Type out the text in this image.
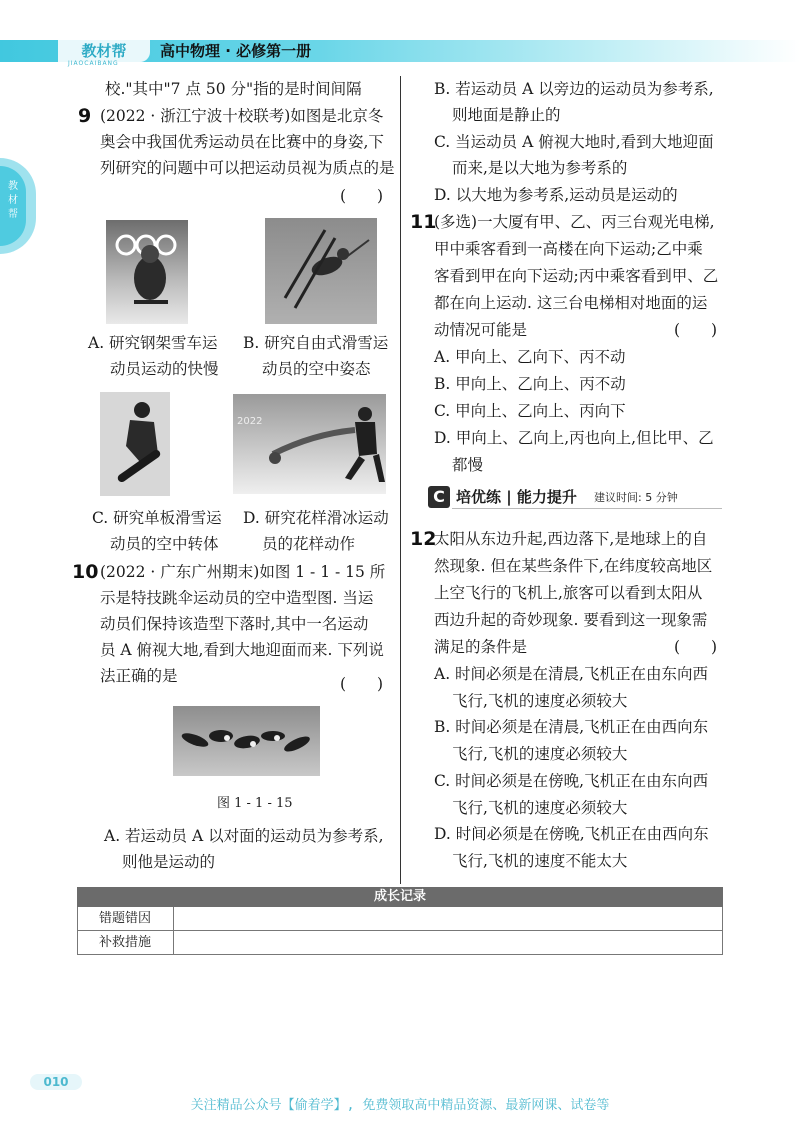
教材帮
JIAOCAIBANG
高中物理 · 必修第一册
教材帮
校."其中"7 点 50 分"指的是时间间隔
9 (2022 · 浙江宁波十校联考)如图是北京冬
奥会中我国优秀运动员在比赛中的身姿,下
列研究的问题中可以把运动员视为质点的是
(　　)
A. 研究钢架雪车运
动员运动的快慢
B. 研究自由式滑雪运
动员的空中姿态
2022
C. 研究单板滑雪运
动员的空中转体
D. 研究花样滑冰运动
员的花样动作
10 (2022 · 广东广州期末)如图 1 - 1 - 15 所
示是特技跳伞运动员的空中造型图. 当运
动员们保持该造型下落时,其中一名运动
员 A 俯视大地,看到大地迎面而来. 下列说
法正确的是	(　　)
图 1 - 1 - 15
A. 若运动员 A 以对面的运动员为参考系,
则他是运动的
B. 若运动员 A 以旁边的运动员为参考系,
则地面是静止的
C. 当运动员 A 俯视大地时,看到大地迎面
而来,是以大地为参考系的
D. 以大地为参考系,运动员是运动的
11
(多选)一大厦有甲、乙、丙三台观光电梯,
甲中乘客看到一高楼在向下运动;乙中乘
客看到甲在向下运动;丙中乘客看到甲、乙
都在向上运动. 这三台电梯相对地面的运
动情况可能是	(　　)
A. 甲向上、乙向下、丙不动
B. 甲向上、乙向上、丙不动
C. 甲向上、乙向上、丙向下
D. 甲向上、乙向上,丙也向上,但比甲、乙
都慢
C 培优练 | 能力提升 建议时间: 5 分钟
12
太阳从东边升起,西边落下,是地球上的自
然现象. 但在某些条件下,在纬度较高地区
上空飞行的飞机上,旅客可以看到太阳从
西边升起的奇妙现象. 要看到这一现象需
满足的条件是	(　　)
A. 时间必须是在清晨,飞机正在由东向西
飞行,飞机的速度必须较大
B. 时间必须是在清晨,飞机正在由西向东
飞行,飞机的速度必须较大
C. 时间必须是在傍晚,飞机正在由东向西
飞行,飞机的速度必须较大
D. 时间必须是在傍晚,飞机正在由西向东
飞行,飞机的速度不能太大
成长记录
错题错因
补救措施
010
关注精品公众号【偷着学】, 免费领取高中精品资源、最新网课、试卷等
